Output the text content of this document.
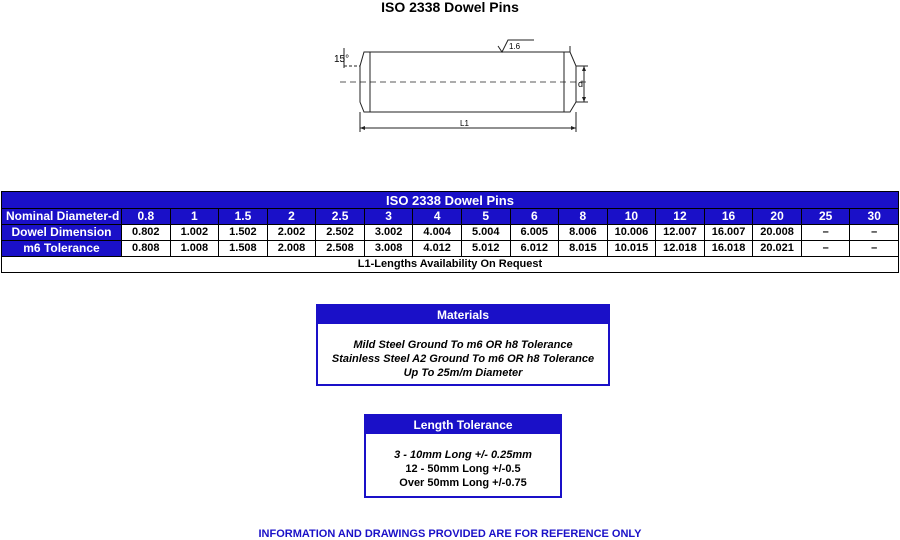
ISO 2338 Dowel Pins
15°
1.6
d
L1
ISO 2338 Dowel Pins																
Nominal Diameter-d	0.8	1	1.5	2	2.5	3	4	5	6	8	10	12	16	20	25	30
Dowel Dimension	0.802	1.002	1.502	2.002	2.502	3.002	4.004	5.004	6.005	8.006	10.006	12.007	16.007	20.008	–	–
m6 Tolerance	0.808	1.008	1.508	2.008	2.508	3.008	4.012	5.012	6.012	8.015	10.015	12.018	16.018	20.021	–	–
L1-Lengths Availability On Request																
Materials
Mild Steel Ground To m6 OR h8 Tolerance
Stainless Steel A2 Ground To m6 OR h8 Tolerance
Up To 25m/m Diameter
Length Tolerance
3 - 10mm Long +/- 0.25mm
12 - 50mm Long +/-0.5
Over 50mm Long +/-0.75
INFORMATION AND DRAWINGS PROVIDED ARE FOR REFERENCE ONLY
